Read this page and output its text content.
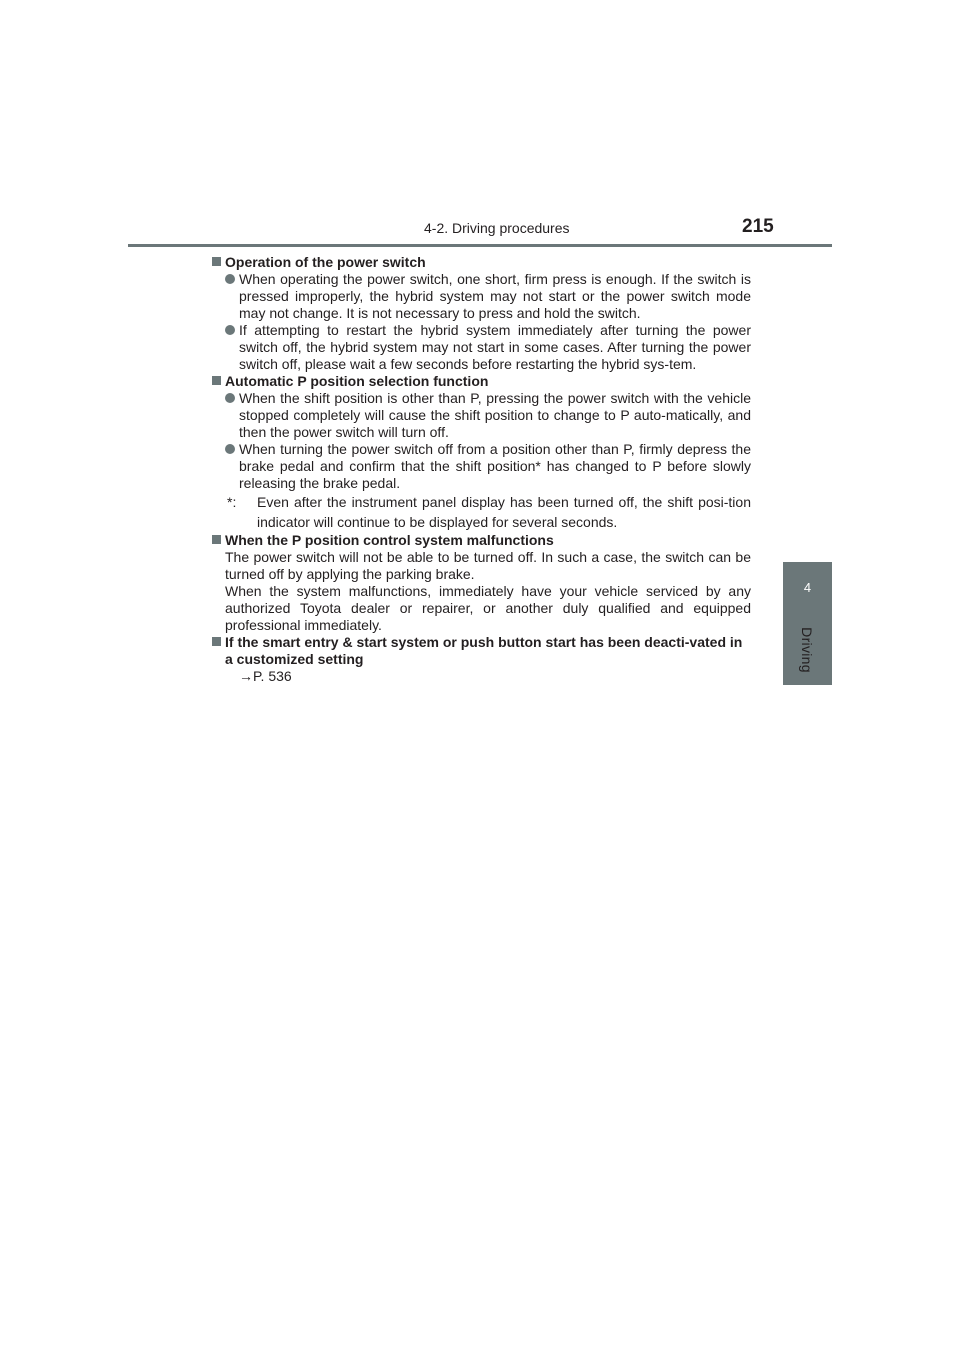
4-2. Driving procedures	215
4
Driving

Operation of the power switch

When operating the power switch, one short, firm press is enough. If the switch is pressed improperly, the hybrid system may not start or the power switch mode may not change. It is not necessary to press and hold the switch.

If attempting to restart the hybrid system immediately after turning the power switch off, the hybrid system may not start in some cases. After turning the power switch off, please wait a few seconds before restarting the hybrid sys-tem.

Automatic P position selection function

When the shift position is other than P, pressing the power switch with the vehicle stopped completely will cause the shift position to change to P auto-matically, and then the power switch will turn off.

When turning the power switch off from a position other than P, firmly depress the brake pedal and confirm that the shift position* has changed to P before slowly releasing the brake pedal.

*: Even after the instrument panel display has been turned off, the shift posi-tion indicator will continue to be displayed for several seconds.

When the P position control system malfunctions

The power switch will not be able to be turned off. In such a case, the switch can be turned off by applying the parking brake.

When the system malfunctions, immediately have your vehicle serviced by any authorized Toyota dealer or repairer, or another duly qualified and equipped professional immediately.

If the smart entry & start system or push button start has been deacti-vated in a customized setting

→P. 536
